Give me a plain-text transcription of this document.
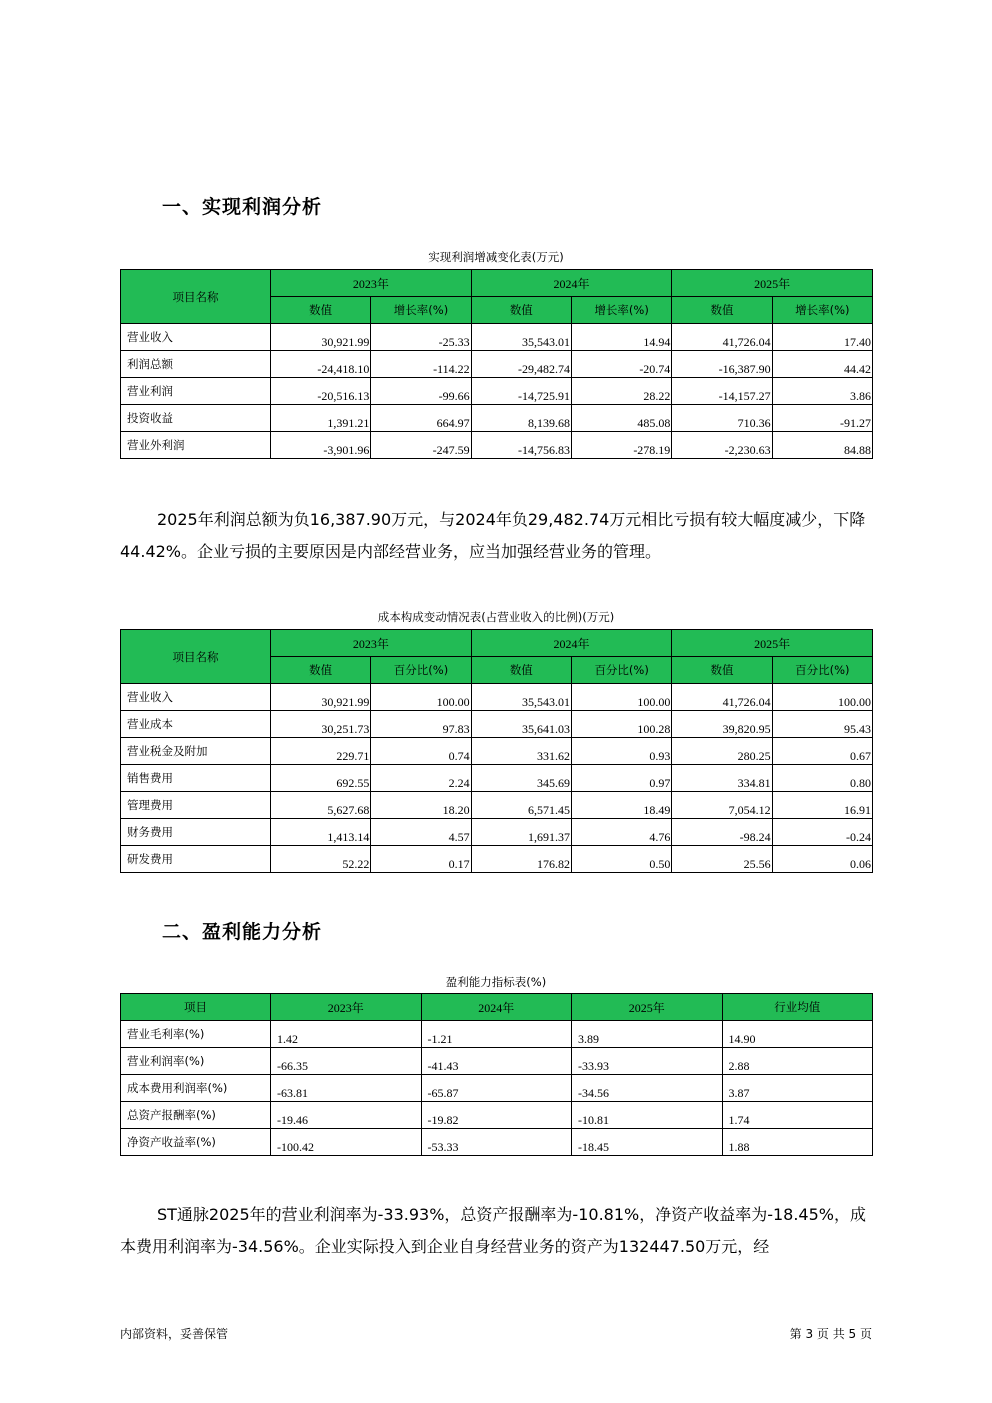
一、实现利润分析
实现利润增减变化表(万元)
项目名称	2023年		2024年		2025年	
	数值	增长率(%)	数值	增长率(%)	数值	增长率(%)
营业收入	30,921.99	-25.33	35,543.01	14.94	41,726.04	17.40
利润总额	-24,418.10	-114.22	-29,482.74	-20.74	-16,387.90	44.42
营业利润	-20,516.13	-99.66	-14,725.91	28.22	-14,157.27	3.86
投资收益	1,391.21	664.97	8,139.68	485.08	710.36	-91.27
营业外利润	-3,901.96	-247.59	-14,756.83	-278.19	-2,230.63	84.88

2025年利润总额为负16,387.90万元，与2024年负29,482.74万元相比亏损有较大幅度减少，下降44.42%。企业亏损的主要原因是内部经营业务，应当加强经营业务的管理。

成本构成变动情况表(占营业收入的比例)(万元)
项目名称	2023年		2024年		2025年	
	数值	百分比(%)	数值	百分比(%)	数值	百分比(%)
营业收入	30,921.99	100.00	35,543.01	100.00	41,726.04	100.00
营业成本	30,251.73	97.83	35,641.03	100.28	39,820.95	95.43
营业税金及附加	229.71	0.74	331.62	0.93	280.25	0.67
销售费用	692.55	2.24	345.69	0.97	334.81	0.80
管理费用	5,627.68	18.20	6,571.45	18.49	7,054.12	16.91
财务费用	1,413.14	4.57	1,691.37	4.76	-98.24	-0.24
研发费用	52.22	0.17	176.82	0.50	25.56	0.06
二、盈利能力分析
盈利能力指标表(%)
项目	2023年	2024年	2025年	行业均值
营业毛利率(%)	1.42	-1.21	3.89	14.90
营业利润率(%)	-66.35	-41.43	-33.93	2.88
成本费用利润率(%)	-63.81	-65.87	-34.56	3.87
总资产报酬率(%)	-19.46	-19.82	-10.81	1.74
净资产收益率(%)	-100.42	-53.33	-18.45	1.88

ST通脉2025年的营业利润率为-33.93%，总资产报酬率为-10.81%，净资产收益率为-18.45%，成本费用利润率为-34.56%。企业实际投入到企业自身经营业务的资产为132447.50万元，经

内部资料，妥善保管	第 3 页 共 5 页
